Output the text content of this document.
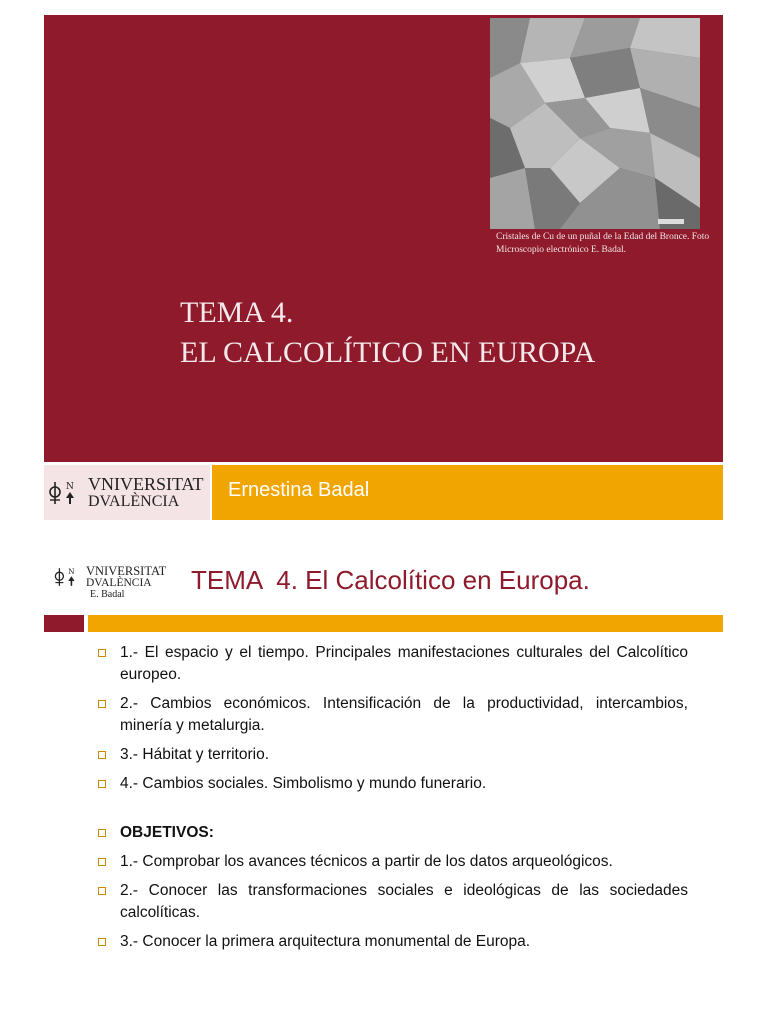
Cristales de Cu de un puñal de la Edad del Bronce. Foto Microscopio electrónico E. Badal.
TEMA 4.
EL CALCOLÍTICO EN EUROPA
N VNIVERSITAT
DVALÈNCIA
Ernestina Badal
N VNIVERSITAT
DVALÈNCIA
E. Badal	TEMA  4. El Calcolítico en Europa.
1.- El espacio y el tiempo. Principales manifestaciones culturales del Calcolítico europeo.
2.- Cambios económicos. Intensificación de la productividad, intercambios, minería y metalurgia.
3.- Hábitat y territorio.
4.- Cambios sociales. Simbolismo y mundo funerario.
OBJETIVOS:
1.- Comprobar los avances técnicos a partir de los datos arqueológicos.
2.- Conocer las transformaciones sociales e ideológicas de las sociedades calcolíticas.
3.- Conocer la primera arquitectura monumental de Europa.
